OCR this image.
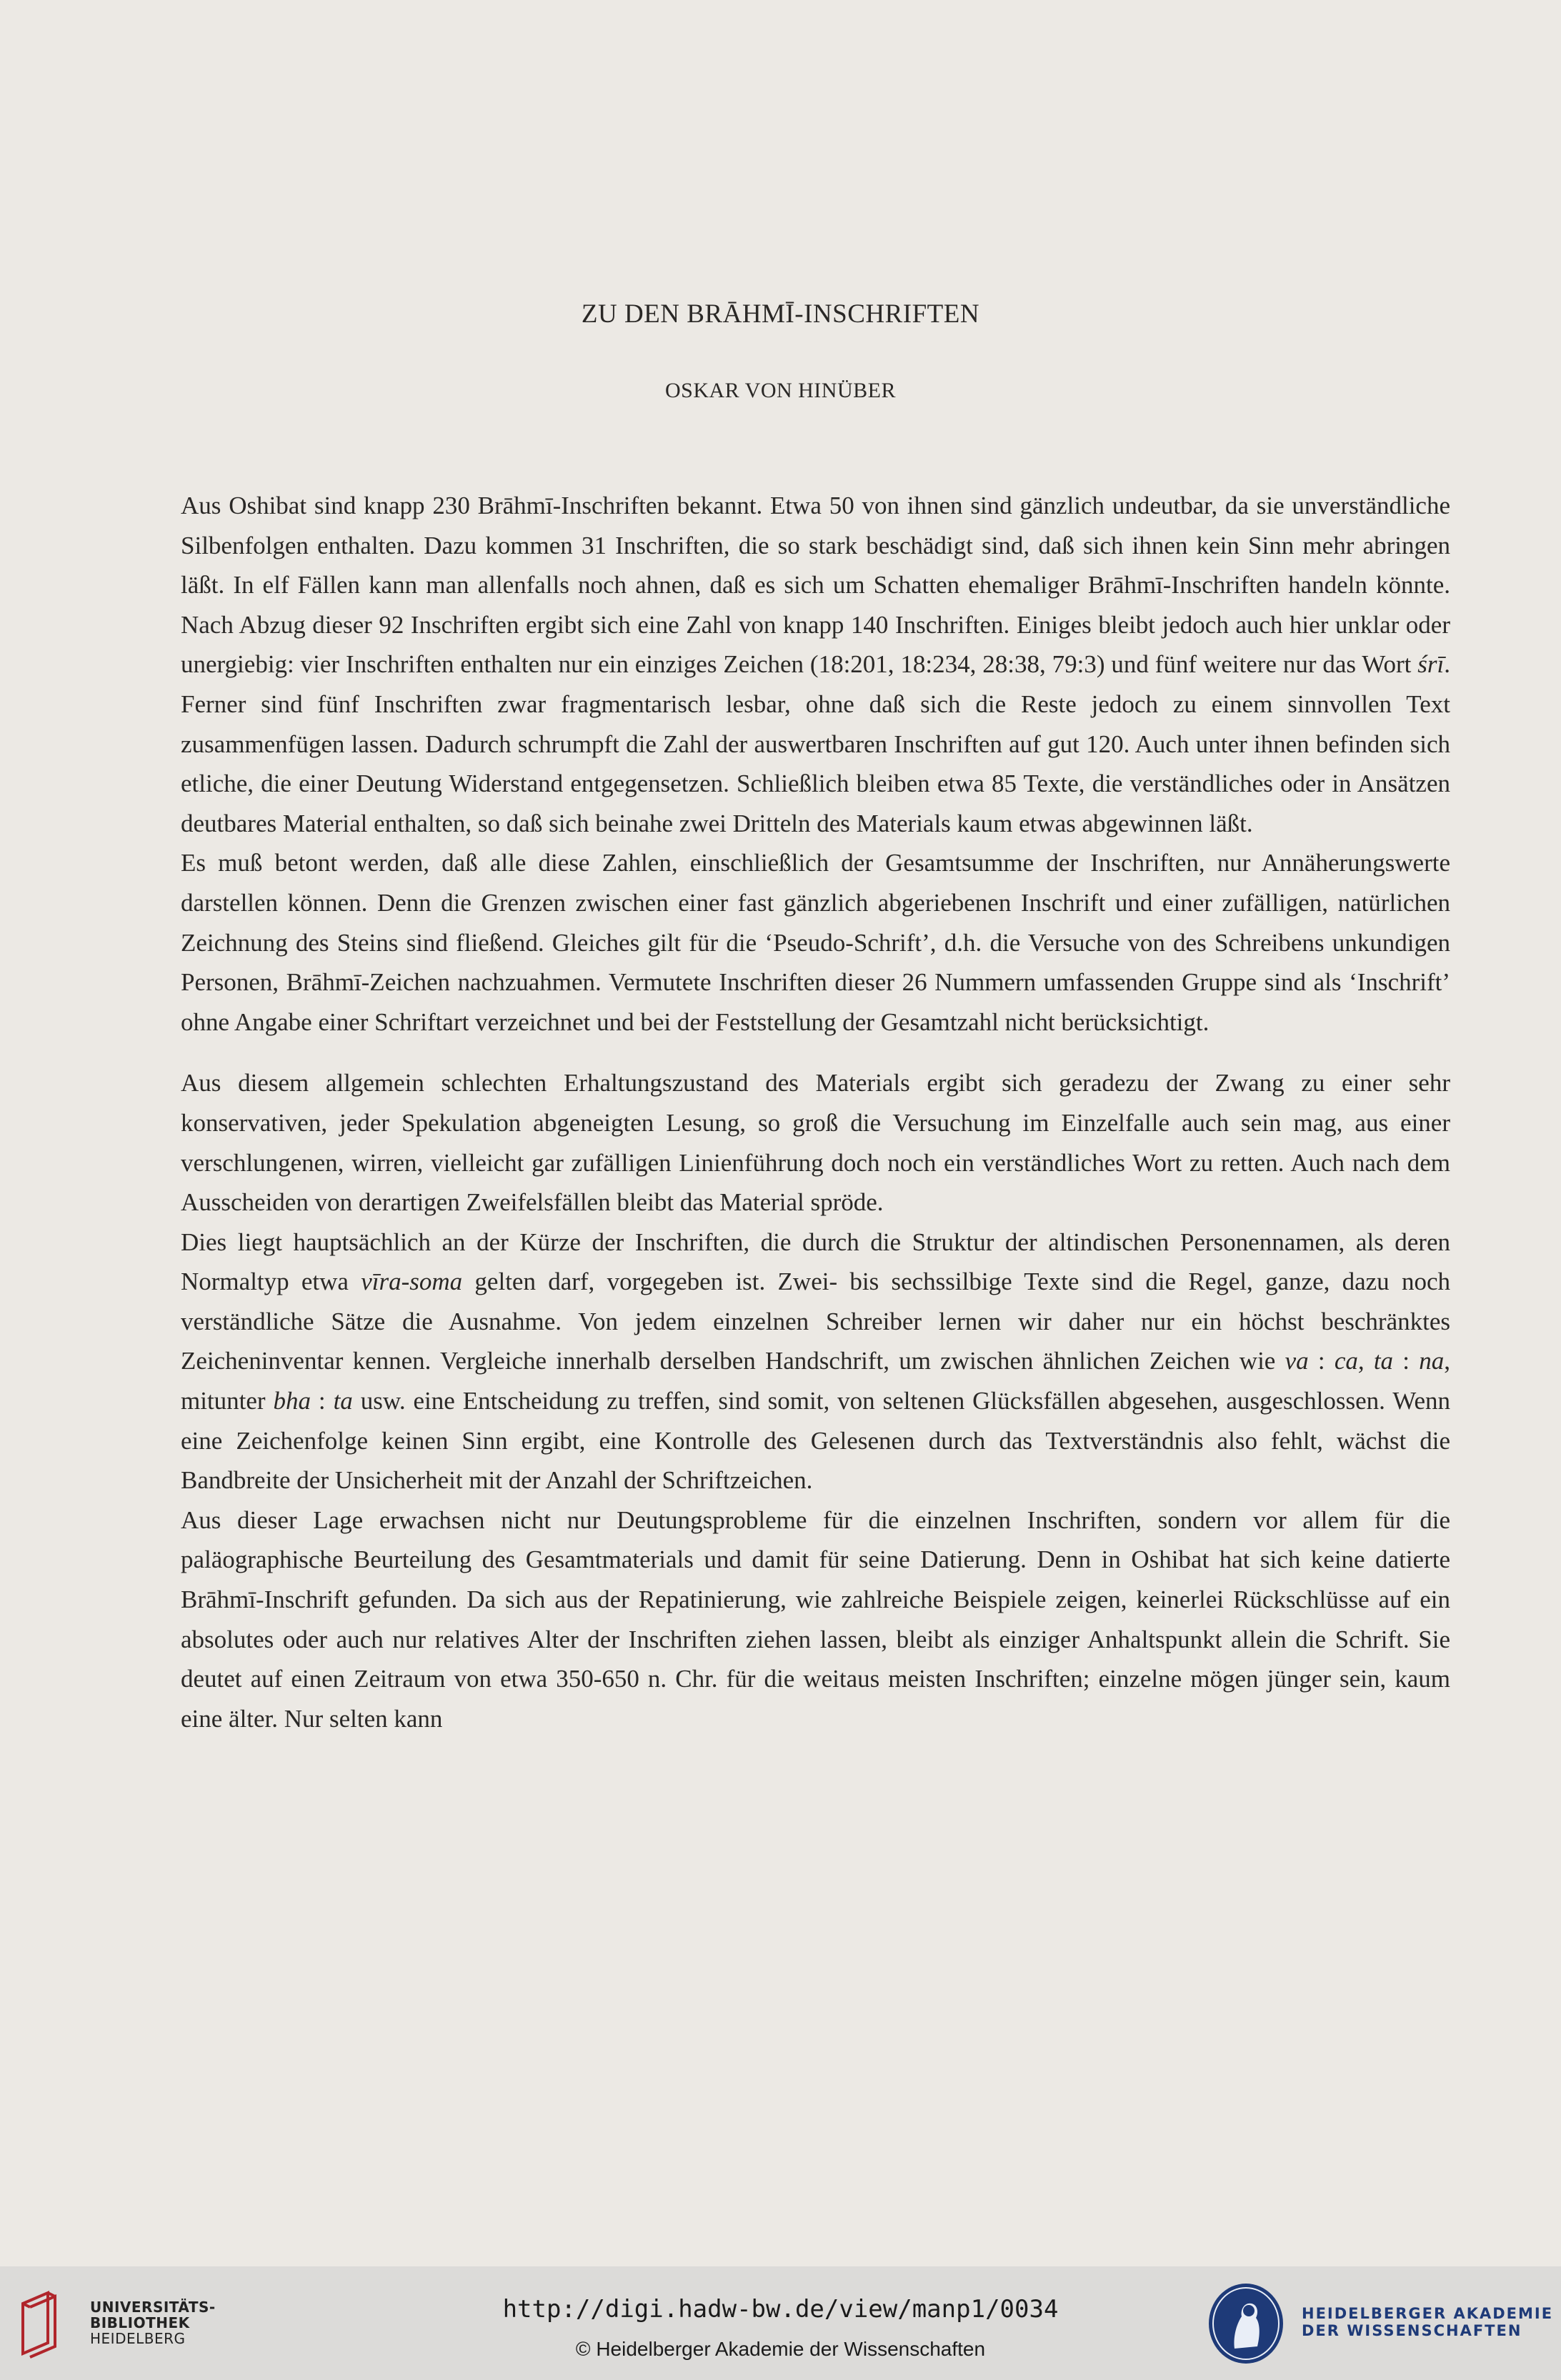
ZU DEN BRĀHMĪ-INSCHRIFTEN
OSKAR VON HINÜBER

Aus Oshibat sind knapp 230 Brāhmī-Inschriften bekannt. Etwa 50 von ihnen sind gänzlich undeutbar, da sie unverständliche Silbenfolgen enthalten. Dazu kommen 31 Inschriften, die so stark beschädigt sind, daß sich ihnen kein Sinn mehr abringen läßt. In elf Fällen kann man allenfalls noch ahnen, daß es sich um Schatten ehemaliger Brāhmī-Inschriften handeln könnte. Nach Abzug dieser 92 Inschriften ergibt sich eine Zahl von knapp 140 Inschriften. Einiges bleibt jedoch auch hier unklar oder unergiebig: vier Inschriften enthalten nur ein einziges Zeichen (18:201, 18:234, 28:38, 79:3) und fünf weitere nur das Wort śrī. Ferner sind fünf Inschriften zwar fragmentarisch lesbar, ohne daß sich die Reste jedoch zu einem sinnvollen Text zusammenfügen lassen. Dadurch schrumpft die Zahl der auswertbaren Inschriften auf gut 120. Auch unter ihnen befinden sich etliche, die einer Deutung Widerstand entgegensetzen. Schließlich bleiben etwa 85 Texte, die verständliches oder in Ansätzen deutbares Material enthalten, so daß sich beinahe zwei Dritteln des Materials kaum etwas abgewinnen läßt.

Es muß betont werden, daß alle diese Zahlen, einschließlich der Gesamtsumme der Inschriften, nur Annäherungswerte darstellen können. Denn die Grenzen zwischen einer fast gänzlich abgeriebenen Inschrift und einer zufälligen, natürlichen Zeichnung des Steins sind fließend. Gleiches gilt für die ‘Pseudo-Schrift’, d.h. die Versuche von des Schreibens unkundigen Personen, Brāhmī-Zeichen nachzuahmen. Vermutete Inschriften dieser 26 Nummern umfassenden Gruppe sind als ‘Inschrift’ ohne Angabe einer Schriftart verzeichnet und bei der Feststellung der Gesamtzahl nicht berücksichtigt.

Aus diesem allgemein schlechten Erhaltungszustand des Materials ergibt sich geradezu der Zwang zu einer sehr konservativen, jeder Spekulation abgeneigten Lesung, so groß die Versuchung im Einzelfalle auch sein mag, aus einer verschlungenen, wirren, vielleicht gar zufälligen Linienführung doch noch ein verständliches Wort zu retten. Auch nach dem Ausscheiden von derartigen Zweifelsfällen bleibt das Material spröde.

Dies liegt hauptsächlich an der Kürze der Inschriften, die durch die Struktur der altindischen Personennamen, als deren Normaltyp etwa vīra-soma gelten darf, vorgegeben ist. Zwei- bis sechssilbige Texte sind die Regel, ganze, dazu noch verständliche Sätze die Ausnahme. Von jedem einzelnen Schreiber lernen wir daher nur ein höchst beschränktes Zeicheninventar kennen. Vergleiche innerhalb derselben Handschrift, um zwischen ähnlichen Zeichen wie va : ca, ta : na, mitunter bha : ta usw. eine Entscheidung zu treffen, sind somit, von seltenen Glücksfällen abgesehen, ausgeschlossen. Wenn eine Zeichenfolge keinen Sinn ergibt, eine Kontrolle des Gelesenen durch das Textverständnis also fehlt, wächst die Bandbreite der Unsicherheit mit der Anzahl der Schriftzeichen.

Aus dieser Lage erwachsen nicht nur Deutungsprobleme für die einzelnen Inschriften, sondern vor allem für die paläographische Beurteilung des Gesamtmaterials und damit für seine Datierung. Denn in Oshibat hat sich keine datierte Brāhmī-Inschrift gefunden. Da sich aus der Repatinierung, wie zahlreiche Beispiele zeigen, keinerlei Rückschlüsse auf ein absolutes oder auch nur relatives Alter der Inschriften ziehen lassen, bleibt als einziger Anhaltspunkt allein die Schrift. Sie deutet auf einen Zeitraum von etwa 350-650 n. Chr. für die weitaus meisten Inschriften; einzelne mögen jünger sein, kaum eine älter. Nur selten kann

UNIVERSITÄTS-
BIBLIOTHEK
HEIDELBERG
http://digi.hadw-bw.de/view/manp1/0034
© Heidelberger Akademie der Wissenschaften
HEIDELBERGER AKADEMIE
DER WISSENSCHAFTEN
